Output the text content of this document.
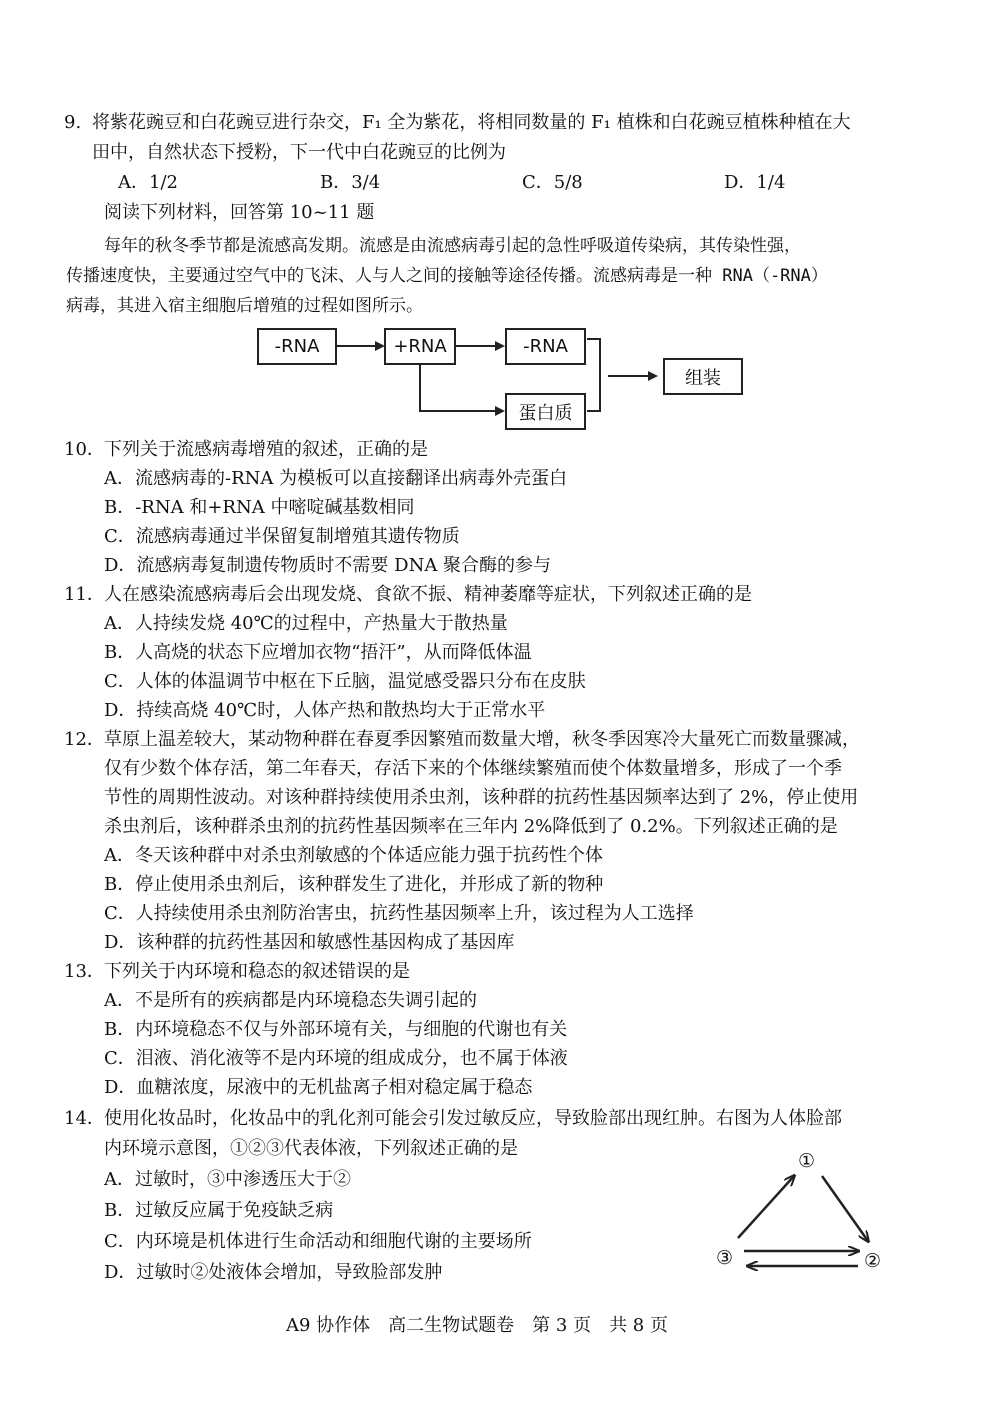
9. 将紫花豌豆和白花豌豆进行杂交，F₁ 全为紫花，将相同数量的 F₁ 植株和白花豌豆植株种植在大
田中，自然状态下授粉，下一代中白花豌豆的比例为
A．1/2	B．3/4	C．5/8	D．1/4
阅读下列材料，回答第 10~11 题
每年的秋冬季节都是流感高发期。流感是由流感病毒引起的急性呼吸道传染病，其传染性强，
传播速度快，主要通过空气中的飞沫、人与人之间的接触等途径传播。流感病毒是一种 RNA（-RNA）
病毒，其进入宿主细胞后增殖的过程如图所示。
-RNA	+RNA	-RNA
蛋白质
组装
10． 下列关于流感病毒增殖的叙述，正确的是
A．流感病毒的-RNA 为模板可以直接翻译出病毒外壳蛋白
B．-RNA 和+RNA 中嘧啶碱基数相同
C．流感病毒通过半保留复制增殖其遗传物质
D．流感病毒复制遗传物质时不需要 DNA 聚合酶的参与
11． 人在感染流感病毒后会出现发烧、食欲不振、精神萎靡等症状，下列叙述正确的是
A．人持续发烧 40℃的过程中，产热量大于散热量
B．人高烧的状态下应增加衣物“捂汗”，从而降低体温
C．人体的体温调节中枢在下丘脑，温觉感受器只分布在皮肤
D．持续高烧 40℃时，人体产热和散热均大于正常水平
12． 草原上温差较大，某动物种群在春夏季因繁殖而数量大增，秋冬季因寒冷大量死亡而数量骤减，
仅有少数个体存活，第二年春天，存活下来的个体继续繁殖而使个体数量增多，形成了一个季
节性的周期性波动。对该种群持续使用杀虫剂，该种群的抗药性基因频率达到了 2%，停止使用
杀虫剂后，该种群杀虫剂的抗药性基因频率在三年内 2%降低到了 0.2%。下列叙述正确的是
A．冬天该种群中对杀虫剂敏感的个体适应能力强于抗药性个体
B．停止使用杀虫剂后，该种群发生了进化，并形成了新的物种
C．人持续使用杀虫剂防治害虫，抗药性基因频率上升，该过程为人工选择
D．该种群的抗药性基因和敏感性基因构成了基因库
13． 下列关于内环境和稳态的叙述错误的是
A．不是所有的疾病都是内环境稳态失调引起的
B．内环境稳态不仅与外部环境有关，与细胞的代谢也有关
C．泪液、消化液等不是内环境的组成成分，也不属于体液
D．血糖浓度，尿液中的无机盐离子相对稳定属于稳态
14． 使用化妆品时，化妆品中的乳化剂可能会引发过敏反应，导致脸部出现红肿。右图为人体脸部
内环境示意图，①②③代表体液，下列叙述正确的是
A．过敏时，③中渗透压大于②
B．过敏反应属于免疫缺乏病
C．内环境是机体进行生命活动和细胞代谢的主要场所
D．过敏时②处液体会增加，导致脸部发肿
①
②
③
A9 协作体　高二生物试题卷　第 3 页　共 8 页
